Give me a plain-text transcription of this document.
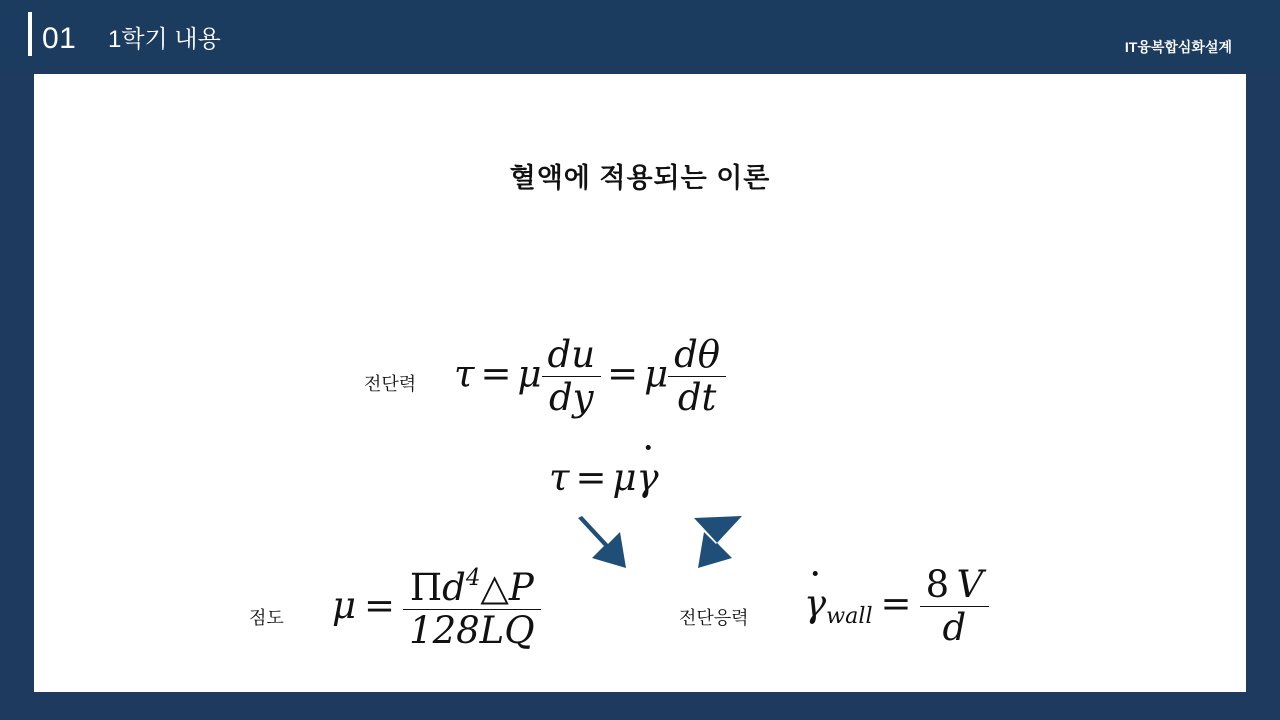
01 1학기 내용	IT융복합심화설계
혈액에 적용되는 이론
전단력 τ = μ $\frac{du}{dy} = \mu \frac{d\theta}{dt}$
τ = μ
γ
점도 $\mu = \frac{\Pi d^4\triangle P}{128LQ}$	전단응력 $\gamma_{wall} = \frac{8 V}{d}$
